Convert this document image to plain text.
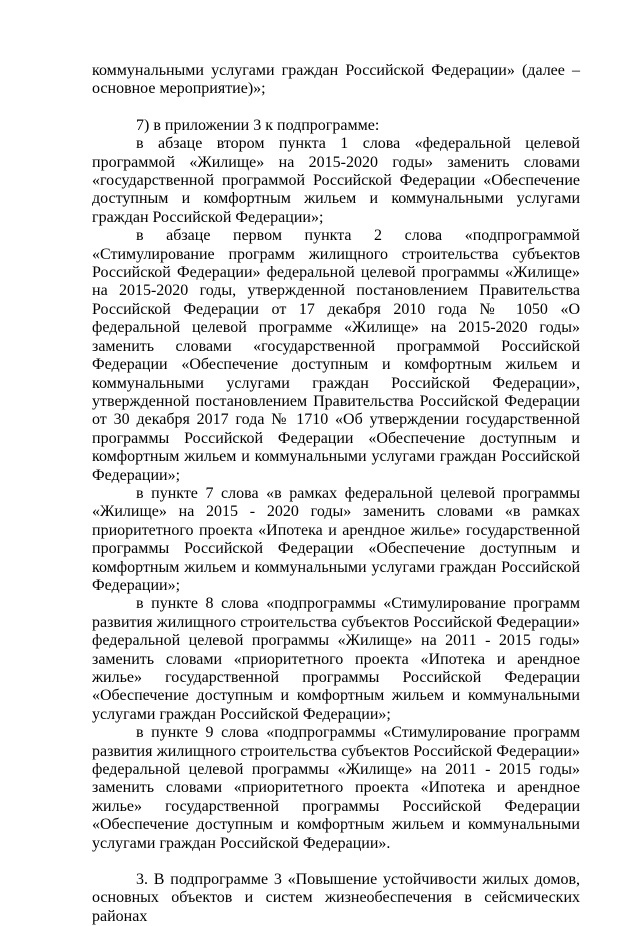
коммунальными услугами граждан Российской Федерации» (далее – основное мероприятие)»;

7) в приложении 3 к подпрограмме:

в абзаце втором пункта 1 слова «федеральной целевой программой «Жилище» на 2015-2020 годы» заменить словами «государственной программой Российской Федерации «Обеспечение доступным и комфортным жильем и коммунальными услугами граждан Российской Федерации»;

в абзаце первом пункта 2 слова «подпрограммой «Стимулирование программ жилищного строительства субъектов Российской Федерации» федеральной целевой программы «Жилище» на 2015-2020 годы, утвержденной постановлением Правительства Российской Федерации от 17 декабря 2010 года № 1050 «О федеральной целевой программе «Жилище» на 2015-2020 годы» заменить словами «государственной программой Российской Федерации «Обеспечение доступным и комфортным жильем и коммунальными услугами граждан Российской Федерации», утвержденной постановлением Правительства Российской Федерации от 30 декабря 2017 года № 1710 «Об утверждении государственной программы Российской Федерации «Обеспечение доступным и комфортным жильем и коммунальными услугами граждан Российской Федерации»;

в пункте 7 слова «в рамках федеральной целевой программы «Жилище» на 2015 - 2020 годы» заменить словами «в рамках приоритетного проекта «Ипотека и арендное жилье» государственной программы Российской Федерации «Обеспечение доступным и комфортным жильем и коммунальными услугами граждан Российской Федерации»;

в пункте 8 слова «подпрограммы «Стимулирование программ развития жилищного строительства субъектов Российской Федерации» федеральной целевой программы «Жилище» на 2011 - 2015 годы» заменить словами «приоритетного проекта «Ипотека и арендное жилье» государственной программы Российской Федерации «Обеспечение доступным и комфортным жильем и коммунальными услугами граждан Российской Федерации»;

в пункте 9 слова «подпрограммы «Стимулирование программ развития жилищного строительства субъектов Российской Федерации» федеральной целевой программы «Жилище» на 2011 - 2015 годы» заменить словами «приоритетного проекта «Ипотека и арендное жилье» государственной программы Российской Федерации «Обеспечение доступным и комфортным жильем и коммунальными услугами граждан Российской Федерации».

3. В подпрограмме 3 «Повышение устойчивости жилых домов, основных объектов и систем жизнеобеспечения в сейсмических районах
